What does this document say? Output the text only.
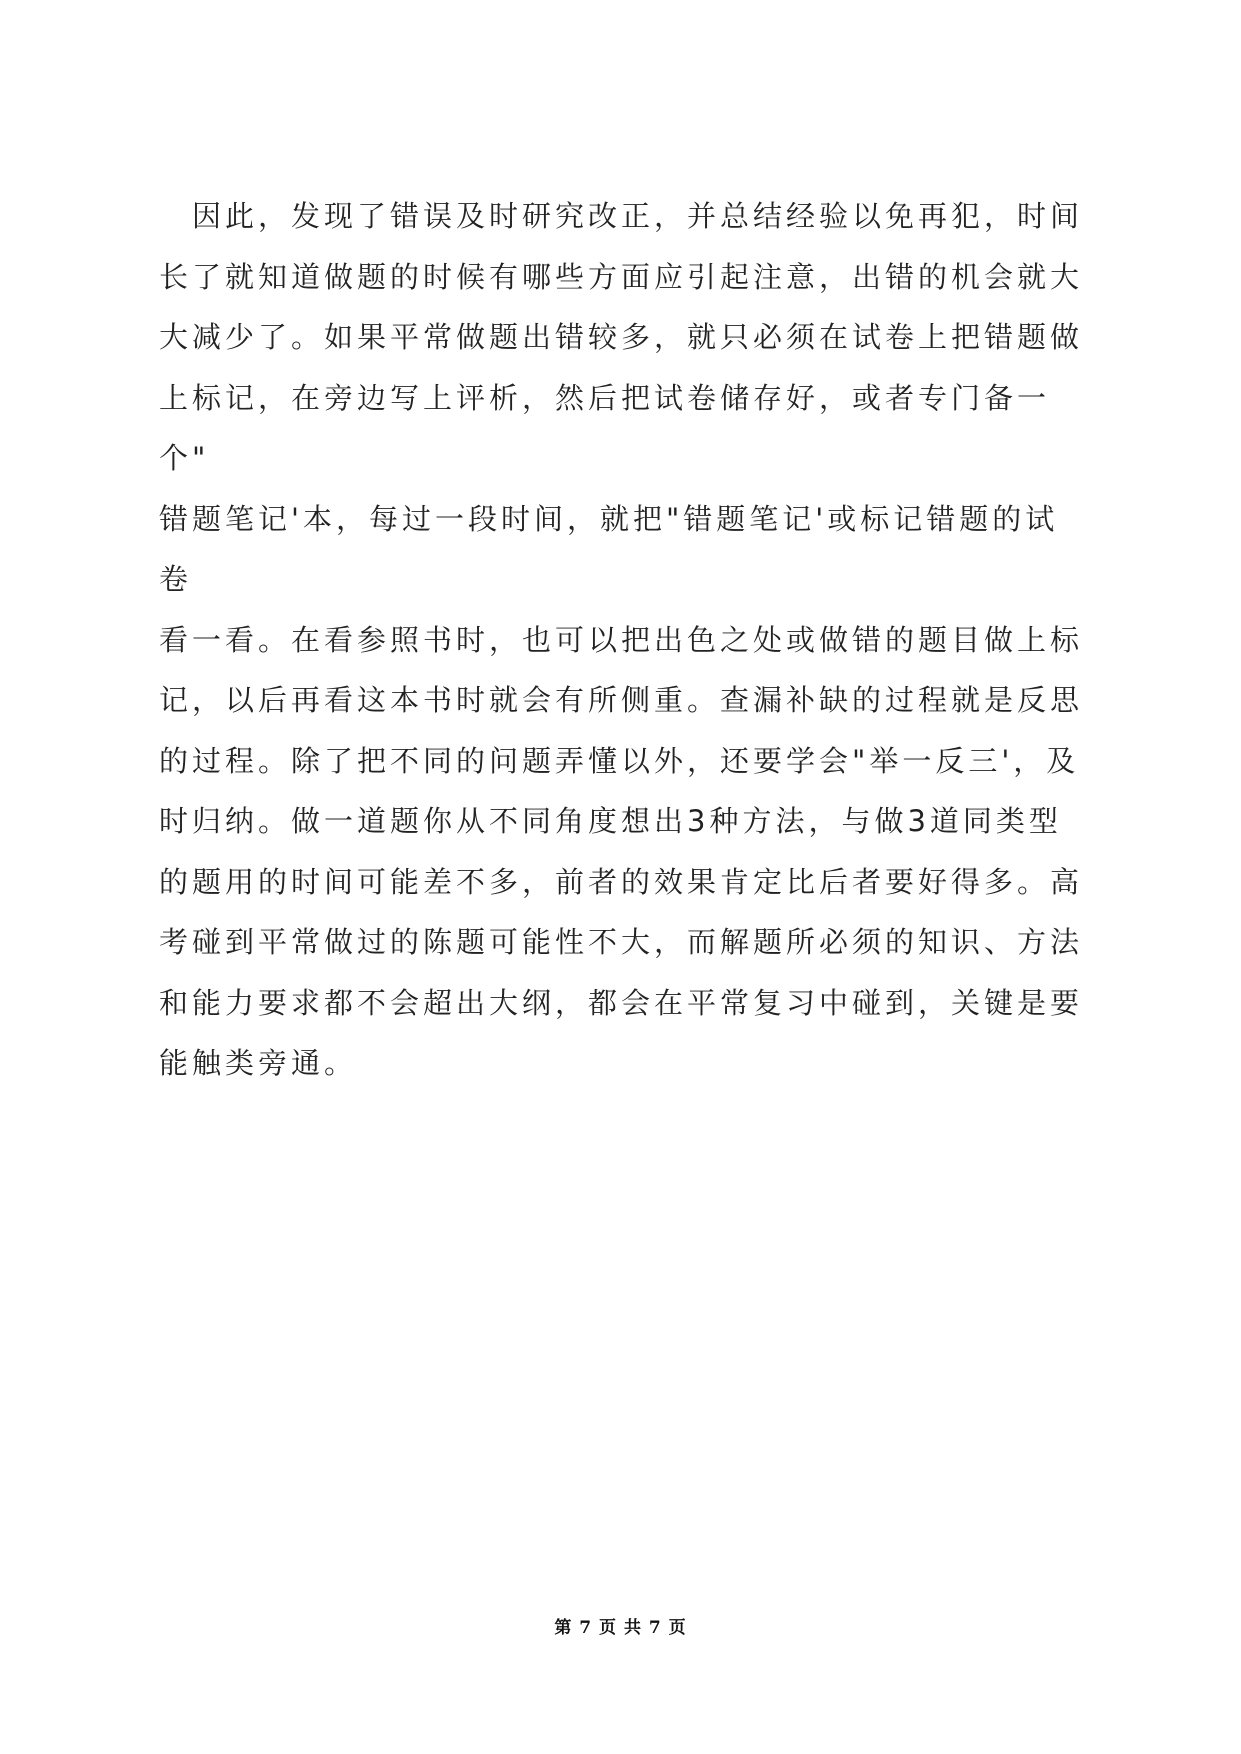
　因此，发现了错误及时研究改正，并总结经验以免再犯，时间
长了就知道做题的时候有哪些方面应引起注意，出错的机会就大
大减少了。如果平常做题出错较多，就只必须在试卷上把错题做
上标记，在旁边写上评析，然后把试卷储存好，或者专门备一个"
错题笔记'本，每过一段时间，就把"错题笔记'或标记错题的试卷
看一看。在看参照书时，也可以把出色之处或做错的题目做上标
记，以后再看这本书时就会有所侧重。查漏补缺的过程就是反思
的过程。除了把不同的问题弄懂以外，还要学会"举一反三'，及
时归纳。做一道题你从不同角度想出3种方法，与做3道同类型
的题用的时间可能差不多，前者的效果肯定比后者要好得多。高
考碰到平常做过的陈题可能性不大，而解题所必须的知识、方法
和能力要求都不会超出大纲，都会在平常复习中碰到，关键是要
能触类旁通。

第 7 页 共 7 页
